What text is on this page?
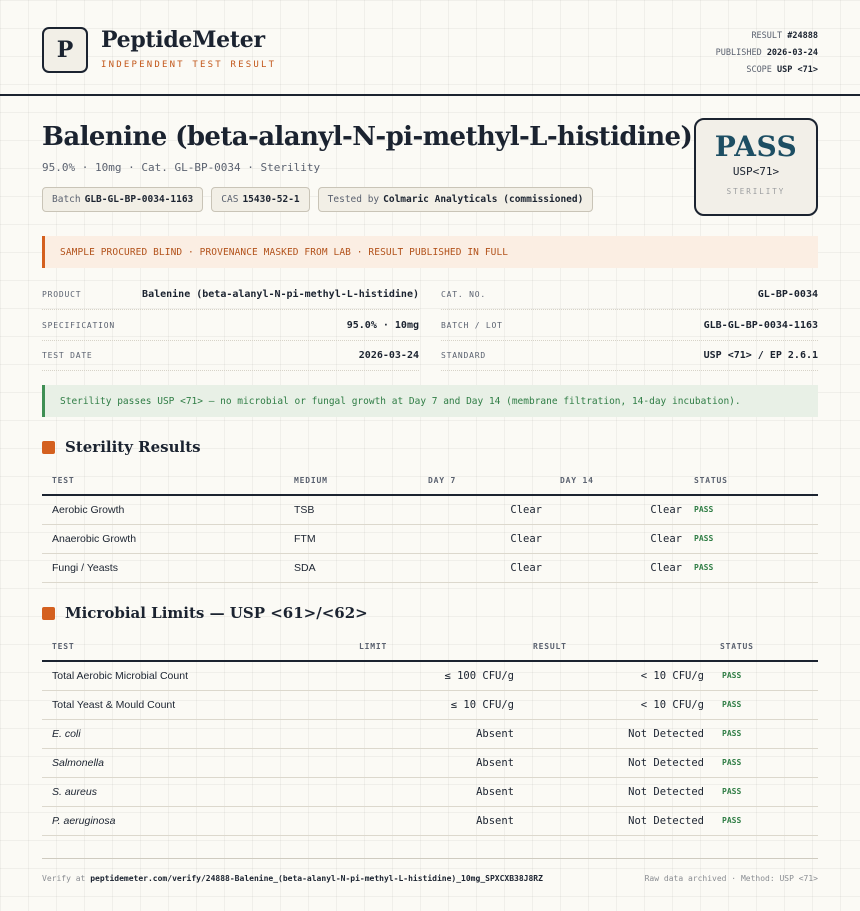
P	PeptideMeter
INDEPENDENT TEST RESULT
RESULT #24888
PUBLISHED 2026-03-24
SCOPE USP <71>
Balenine (beta-alanyl-N-pi-methyl-L-histidine)
95.0% · 10mg · Cat. GL-BP-0034 · Sterility
Batch GLB-GL-BP-0034-1163	CAS 15430-52-1	Tested by Colmaric Analyticals (commissioned)
PASS
USP<71>
STERILITY
SAMPLE PROCURED BLIND · PROVENANCE MASKED FROM LAB · RESULT PUBLISHED IN FULL
PRODUCT	Balenine (beta-alanyl-N-pi-methyl-L-histidine)	CAT. NO.	GL-BP-0034
SPECIFICATION	95.0% · 10mg	BATCH / LOT	GLB-GL-BP-0034-1163
TEST DATE	2026-03-24	STANDARD	USP <71> / EP 2.6.1
Sterility passes USP <71> — no microbial or fungal growth at Day 7 and Day 14 (membrane filtration, 14-day incubation).
Sterility Results
TEST	MEDIUM	DAY 7	DAY 14	STATUS
Aerobic Growth	TSB	Clear	Clear	PASS
Anaerobic Growth	FTM	Clear	Clear	PASS
Fungi / Yeasts	SDA	Clear	Clear	PASS
Microbial Limits — USP <61>/<62>
TEST	LIMIT	RESULT	STATUS
Total Aerobic Microbial Count	≤ 100 CFU/g	< 10 CFU/g	PASS
Total Yeast & Mould Count	≤ 10 CFU/g	< 10 CFU/g	PASS
E. coli	Absent	Not Detected	PASS
Salmonella	Absent	Not Detected	PASS
S. aureus	Absent	Not Detected	PASS
P. aeruginosa	Absent	Not Detected	PASS
Verify at peptidemeter.com/verify/24888-Balenine_(beta-alanyl-N-pi-methyl-L-histidine)_10mg_SPXCXB38J8RZ	Raw data archived · Method: USP <71>
